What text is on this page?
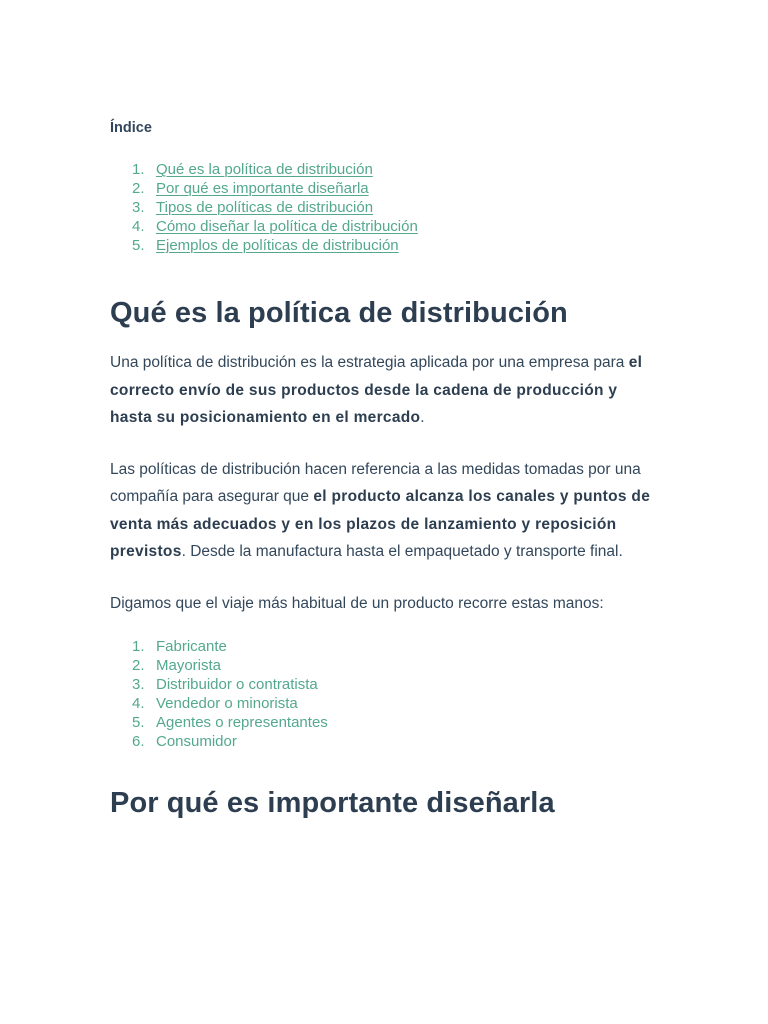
Índice
1. Qué es la política de distribución
2. Por qué es importante diseñarla
3. Tipos de políticas de distribución
4. Cómo diseñar la política de distribución
5. Ejemplos de políticas de distribución
Qué es la política de distribución

Una política de distribución es la estrategia aplicada por una empresa para el correcto envío de sus productos desde la cadena de producción y hasta su posicionamiento en el mercado.

Las políticas de distribución hacen referencia a las medidas tomadas por una compañía para asegurar que el producto alcanza los canales y puntos de venta más adecuados y en los plazos de lanzamiento y reposición previstos. Desde la manufactura hasta el empaquetado y transporte final.

Digamos que el viaje más habitual de un producto recorre estas manos:

1. Fabricante
2. Mayorista
3. Distribuidor o contratista
4. Vendedor o minorista
5. Agentes o representantes
6. Consumidor
Por qué es importante diseñarla
